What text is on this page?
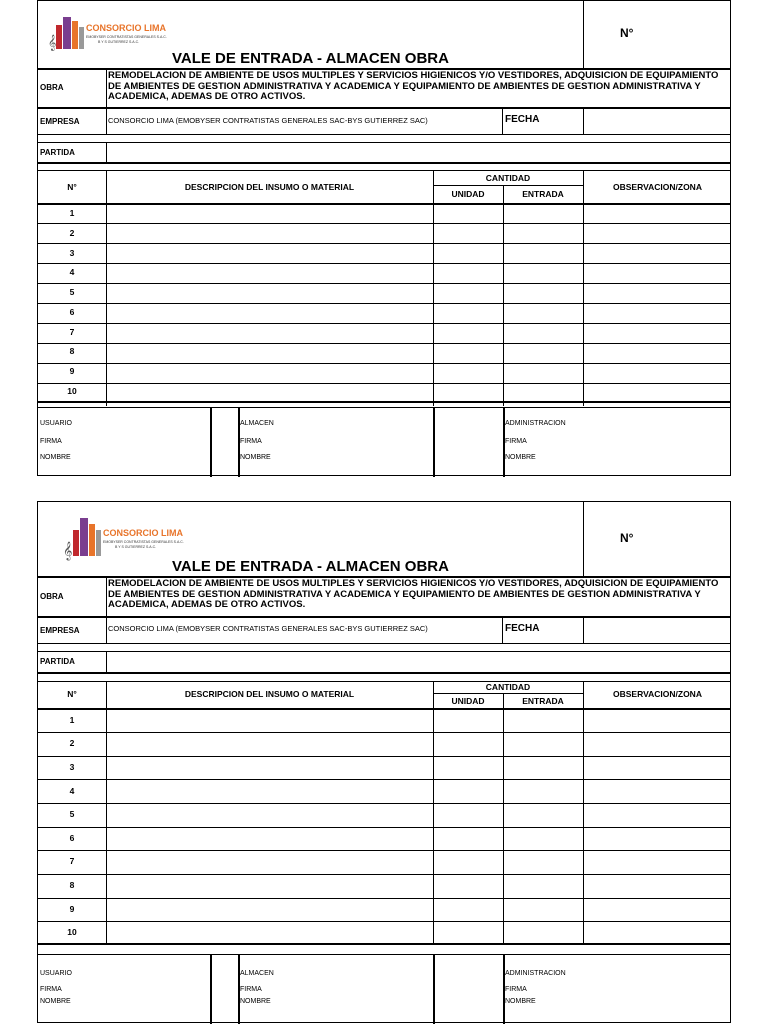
𝄞
CONSORCIO LIMA
EMOBYSER CONTRATISTAS GENERALES S.A.C.
B Y S GUTIERREZ S.A.C.
VALE DE ENTRADA - ALMACEN OBRA
N°
OBRA
REMODELACION DE AMBIENTE DE USOS MULTIPLES Y SERVICIOS HIGIENICOS Y/O VESTIDORES, ADQUISICION DE EQUIPAMIENTO DE AMBIENTES DE GESTION ADMINISTRATIVA Y ACADEMICA Y EQUIPAMIENTO DE AMBIENTES DE GESTION ADMINISTRATIVA Y ACADEMICA, ADEMAS DE OTRO ACTIVOS.
EMPRESA	CONSORCIO LIMA (EMOBYSER CONTRATISTAS GENERALES SAC-BYS GUTIERREZ SAC)	FECHA
PARTIDA
N°	DESCRIPCION DEL INSUMO O MATERIAL
CANTIDAD
UNIDAD	ENTRADA
OBSERVACION/ZONA
1
2
3
4
5
6
7
8
9
10
USUARIO
FIRMA
NOMBRE
ALMACEN
FIRMA
NOMBRE
ADMINISTRACION
FIRMA
NOMBRE
𝄞
CONSORCIO LIMA
EMOBYSER CONTRATISTAS GENERALES S.A.C.
B Y S GUTIERREZ S.A.C.
VALE DE ENTRADA - ALMACEN OBRA
N°
OBRA
REMODELACION DE AMBIENTE DE USOS MULTIPLES Y SERVICIOS HIGIENICOS Y/O VESTIDORES, ADQUISICION DE EQUIPAMIENTO DE AMBIENTES DE GESTION ADMINISTRATIVA Y ACADEMICA Y EQUIPAMIENTO DE AMBIENTES DE GESTION ADMINISTRATIVA Y ACADEMICA, ADEMAS DE OTRO ACTIVOS.
EMPRESA	CONSORCIO LIMA (EMOBYSER CONTRATISTAS GENERALES SAC-BYS GUTIERREZ SAC)	FECHA
PARTIDA
N°	DESCRIPCION DEL INSUMO O MATERIAL
CANTIDAD
UNIDAD	ENTRADA
OBSERVACION/ZONA
1
2
3
4
5
6
7
8
9
10
USUARIO
FIRMA
NOMBRE
ALMACEN
FIRMA
NOMBRE
ADMINISTRACION
FIRMA
NOMBRE
